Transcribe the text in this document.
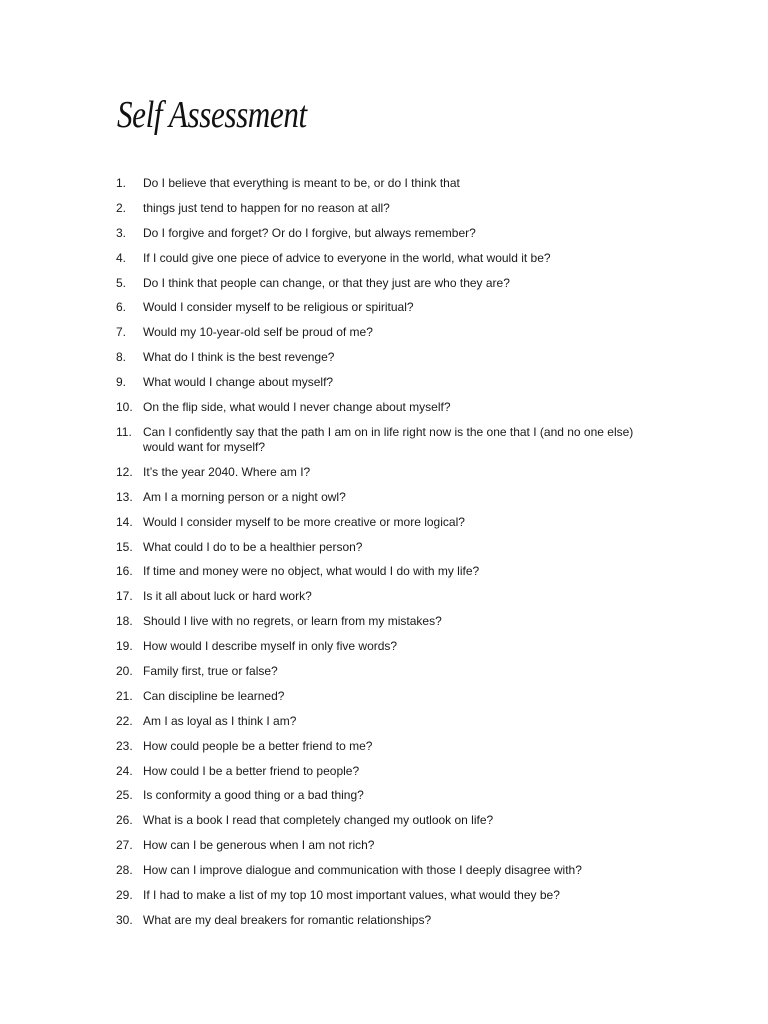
Self Assessment
1.	Do I believe that everything is meant to be, or do I think that
2.	things just tend to happen for no reason at all?
3.	Do I forgive and forget? Or do I forgive, but always remember?
4.	If I could give one piece of advice to everyone in the world, what would it be?
5.	Do I think that people can change, or that they just are who they are?
6.	Would I consider myself to be religious or spiritual?
7.	Would my 10-year-old self be proud of me?
8.	What do I think is the best revenge?
9.	What would I change about myself?
10. On the flip side, what would I never change about myself?
11. Can I confidently say that the path I am on in life right now is the one that I (and no one else) would want for myself?
12. It’s the year 2040. Where am I?
13. Am I a morning person or a night owl?
14. Would I consider myself to be more creative or more logical?
15. What could I do to be a healthier person?
16. If time and money were no object, what would I do with my life?
17. Is it all about luck or hard work?
18. Should I live with no regrets, or learn from my mistakes?
19. How would I describe myself in only five words?
20. Family first, true or false?
21. Can discipline be learned?
22. Am I as loyal as I think I am?
23. How could people be a better friend to me?
24. How could I be a better friend to people?
25. Is conformity a good thing or a bad thing?
26. What is a book I read that completely changed my outlook on life?
27. How can I be generous when I am not rich?
28. How can I improve dialogue and communication with those I deeply disagree with?
29. If I had to make a list of my top 10 most important values, what would they be?
30. What are my deal breakers for romantic relationships?
